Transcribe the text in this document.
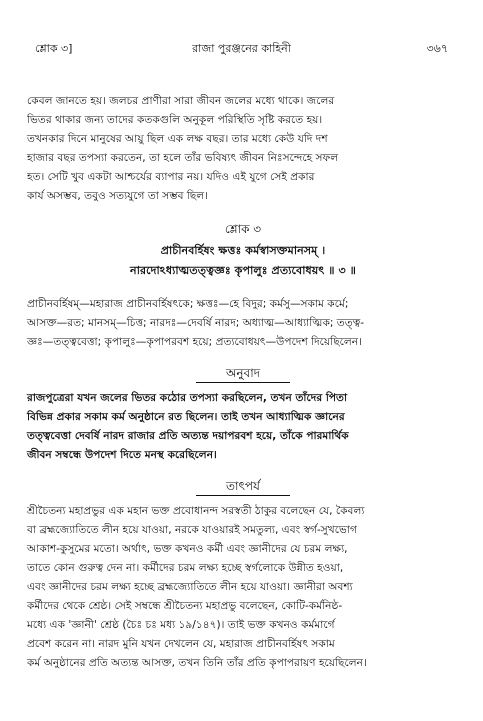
শ্লোক ৩]	রাজা পুরঞ্জনের কাহিনী	৩৬৭

কেবল জানতে হয়। জলচর প্রাণীরা সারা জীবন জলের মধ্যে থাকে। জলের
ভিতর থাকার জন্য তাদের কতকগুলি অনুকূল পরিস্থিতি সৃষ্টি করতে হয়।
তখনকার দিনে মানুষের আয়ু ছিল এক লক্ষ বছর। তার মধ্যে কেউ যদি দশ
হাজার বছর তপস্যা করতেন, তা হলে তাঁর ভবিষ্যৎ জীবন নিঃসন্দেহে সফল
হত। সেটি খুব একটা আশ্চর্যের ব্যাপার নয়। যদিও এই যুগে সেই প্রকার
কার্য অসম্ভব, তবুও সত্যযুগে তা সম্ভব ছিল।

শ্লোক ৩
প্রাচীনবর্হিষং ক্ষত্তঃ কর্মস্বাসক্তমানসম্ ।
নারদোঽধ্যাত্মতত্ত্বজ্ঞঃ কৃপালুঃ প্রত্যবোধয়ৎ ॥ ৩ ॥

প্রাচীনবর্হিষম্—মহারাজ প্রাচীনবর্হিষৎকে; ক্ষত্তঃ—হে বিদুর; কর্মসু—সকাম কর্মে;
আসক্ত—রত; মানসম্—চিত্ত; নারদঃ—দেবর্ষি নারদ; অধ্যাত্ম—আধ্যাত্মিক; তত্ত্ব-
জ্ঞঃ—তত্ত্ববেত্তা; কৃপালুঃ—কৃপাপরবশ হয়ে; প্রত্যবোধয়ৎ—উপদেশ দিয়েছিলেন।

অনুবাদ

রাজপুত্রেরা যখন জলের ভিতর কঠোর তপস্যা করছিলেন, তখন তাঁদের পিতা
বিভিন্ন প্রকার সকাম কর্ম অনুষ্ঠানে রত ছিলেন। তাই তখন আধ্যাত্মিক জ্ঞানের
তত্ত্ববেত্তা দেবর্ষি নারদ রাজার প্রতি অত্যন্ত দয়াপরবশ হয়ে, তাঁকে পারমার্থিক
জীবন সম্বন্ধে উপদেশ দিতে মনস্থ করেছিলেন।

তাৎপর্য

শ্রীচৈতন্য মহাপ্রভুর এক মহান ভক্ত প্রবোধানন্দ সরস্বতী ঠাকুর বলেছেন যে, কৈবল্য
বা ব্রহ্মজ্যোতিতে লীন হয়ে যাওয়া, নরকে যাওয়ারই সমতুল্য, এবং স্বর্গ-সুখভোগ
আকাশ-কুসুমের মতো। অর্থাৎ, ভক্ত কখনও কর্মী এবং জ্ঞানীদের যে চরম লক্ষ্য,
তাতে কোন গুরুত্ব দেন না। কর্মীদের চরম লক্ষ্য হচ্ছে স্বর্গলোকে উন্নীত হওয়া,
এবং জ্ঞানীদের চরম লক্ষ্য হচ্ছে ব্রহ্মজ্যোতিতে লীন হয়ে যাওয়া। জ্ঞানীরা অবশ্য
কর্মীদের থেকে শ্রেষ্ঠ। সেই সম্বন্ধে শ্রীচৈতন্য মহাপ্রভু বলেছেন, কোটি-কর্মনিষ্ঠ-
মধ্যে এক 'জ্ঞানী' শ্রেষ্ঠ (চৈঃ চঃ মধ্য ১৯/১৪৭)। তাই ভক্ত কখনও কর্মমার্গে
প্রবেশ করেন না। নারদ মুনি যখন দেখলেন যে, মহারাজ প্রাচীনবর্হিষৎ সকাম
কর্ম অনুষ্ঠানের প্রতি অত্যন্ত আসক্ত, তখন তিনি তাঁর প্রতি কৃপাপরায়ণ হয়েছিলেন।
